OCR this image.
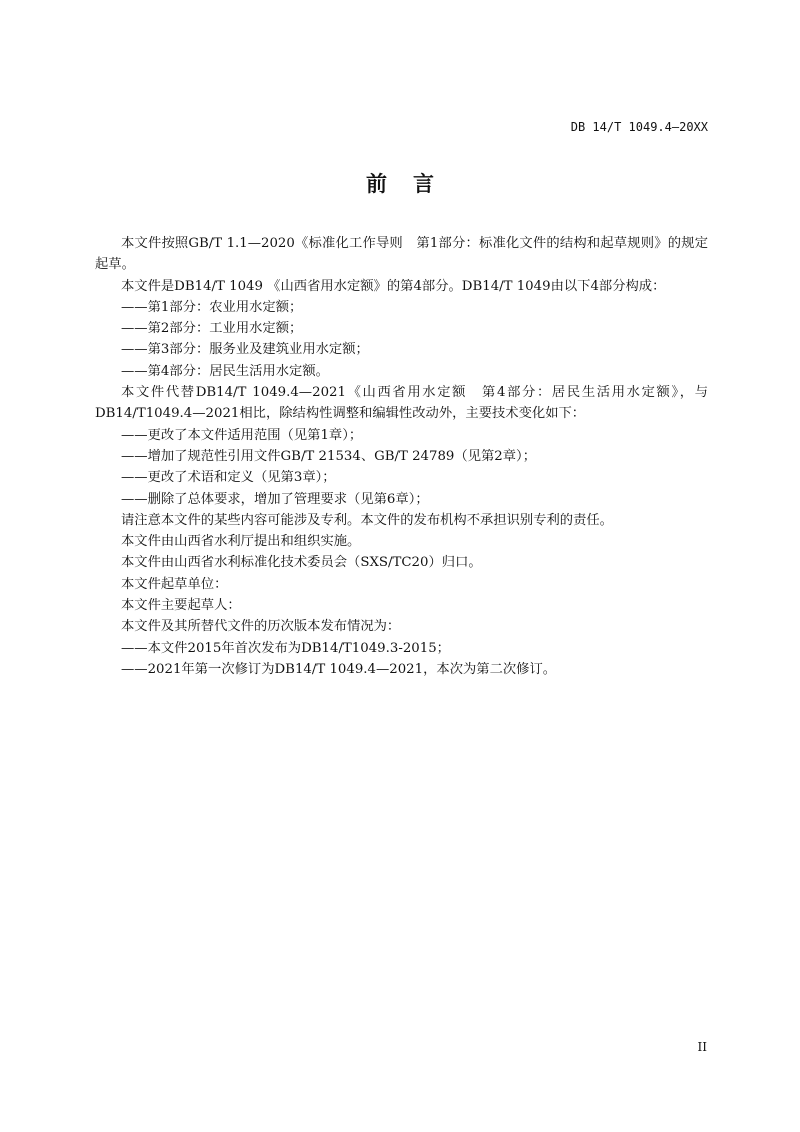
DB 14/T 1049.4—20XX
前言
本文件按照GB/T 1.1—2020《标准化工作导则　第1部分：标准化文件的结构和起草规则》的规定
起草。
本文件是DB14/T 1049 《山西省用水定额》的第4部分。DB14/T 1049由以下4部分构成：
——第1部分：农业用水定额；
——第2部分：工业用水定额；
——第3部分：服务业及建筑业用水定额；
——第4部分：居民生活用水定额。
本文件代替DB14/T 1049.4—2021《山西省用水定额　第4部分：居民生活用水定额》，与
DB14/T1049.4—2021相比，除结构性调整和编辑性改动外，主要技术变化如下：
——更改了本文件适用范围（见第1章）；
——增加了规范性引用文件GB/T 21534、GB/T 24789（见第2章）；
——更改了术语和定义（见第3章）；
——删除了总体要求，增加了管理要求（见第6章）；
请注意本文件的某些内容可能涉及专利。本文件的发布机构不承担识别专利的责任。
本文件由山西省水利厅提出和组织实施。
本文件由山西省水利标准化技术委员会（SXS/TC20）归口。
本文件起草单位：
本文件主要起草人：
本文件及其所替代文件的历次版本发布情况为：
——本文件2015年首次发布为DB14/T1049.3-2015；
——2021年第一次修订为DB14/T 1049.4—2021，本次为第二次修订。
II
